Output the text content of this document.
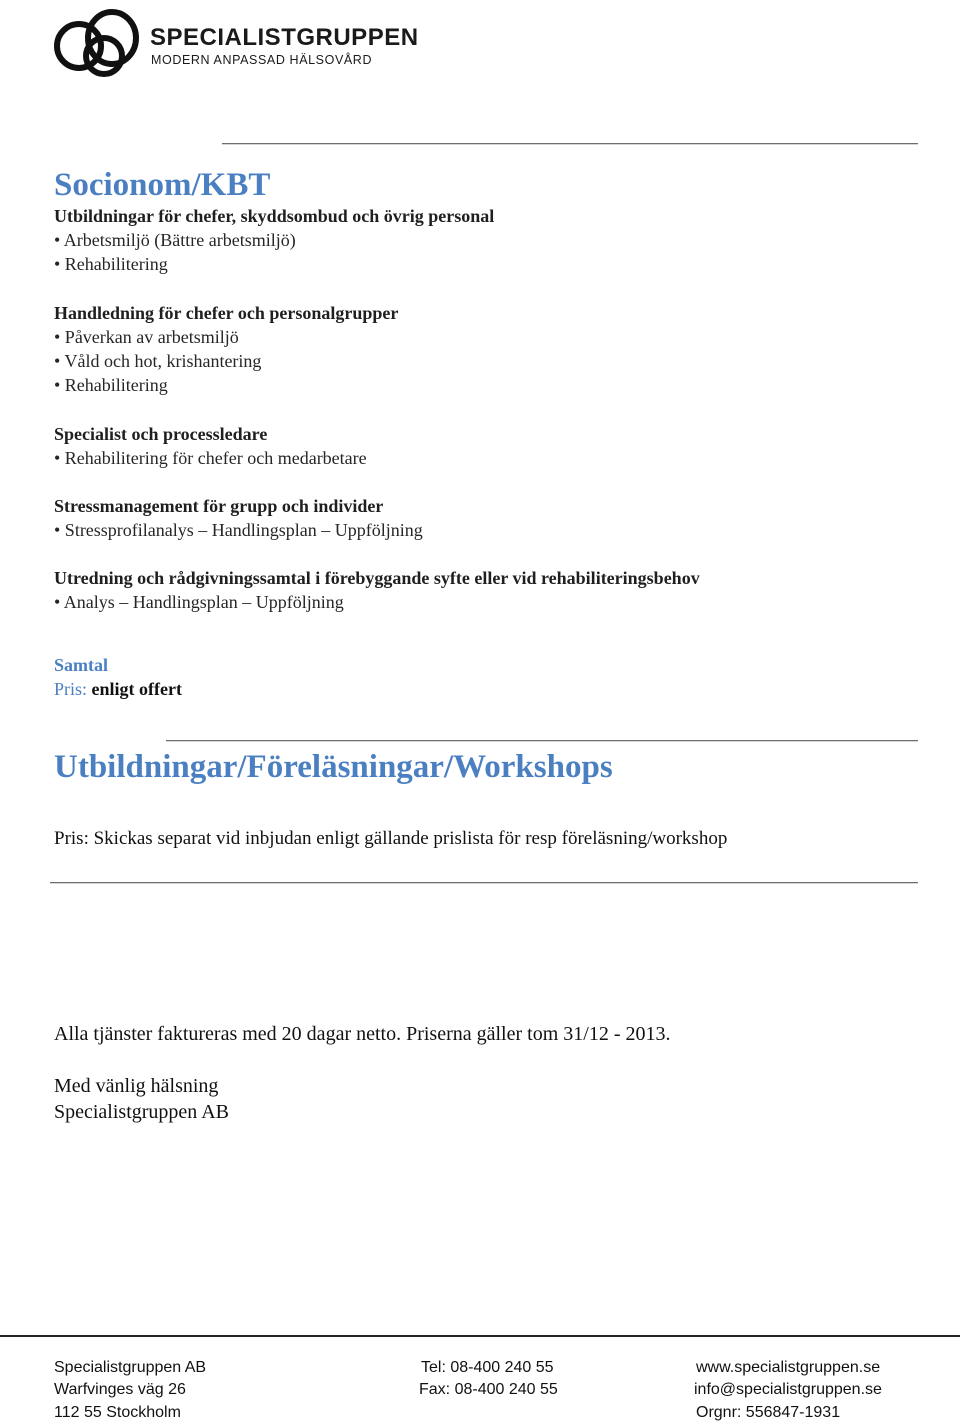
SPECIALISTGRUPPEN
MODERN ANPASSAD HÄLSOVÅRD
Socionom/KBT
Utbildningar för chefer, skyddsombud och övrig personal
• Arbetsmiljö (Bättre arbetsmiljö)
• Rehabilitering
Handledning för chefer och personalgrupper
• Påverkan av arbetsmiljö
• Våld och hot, krishantering
• Rehabilitering
Specialist och processledare
• Rehabilitering för chefer och medarbetare
Stressmanagement för grupp och individer
• Stressprofilanalys – Handlingsplan – Uppföljning
Utredning och rådgivningssamtal i förebyggande syfte eller vid rehabiliteringsbehov
• Analys – Handlingsplan – Uppföljning
Samtal
Pris: enligt offert
Utbildningar/Föreläsningar/Workshops
Pris: Skickas separat vid inbjudan enligt gällande prislista för resp föreläsning/workshop
Alla tjänster faktureras med 20 dagar netto. Priserna gäller tom 31/12 - 2013.
Med vänlig hälsning
Specialistgruppen AB
Specialistgruppen AB
Warfvinges väg 26
112 55 Stockholm
Tel: 08-400 240 55
Fax: 08-400 240 55
www.specialistgruppen.se
info@specialistgruppen.se
Orgnr: 556847-1931
